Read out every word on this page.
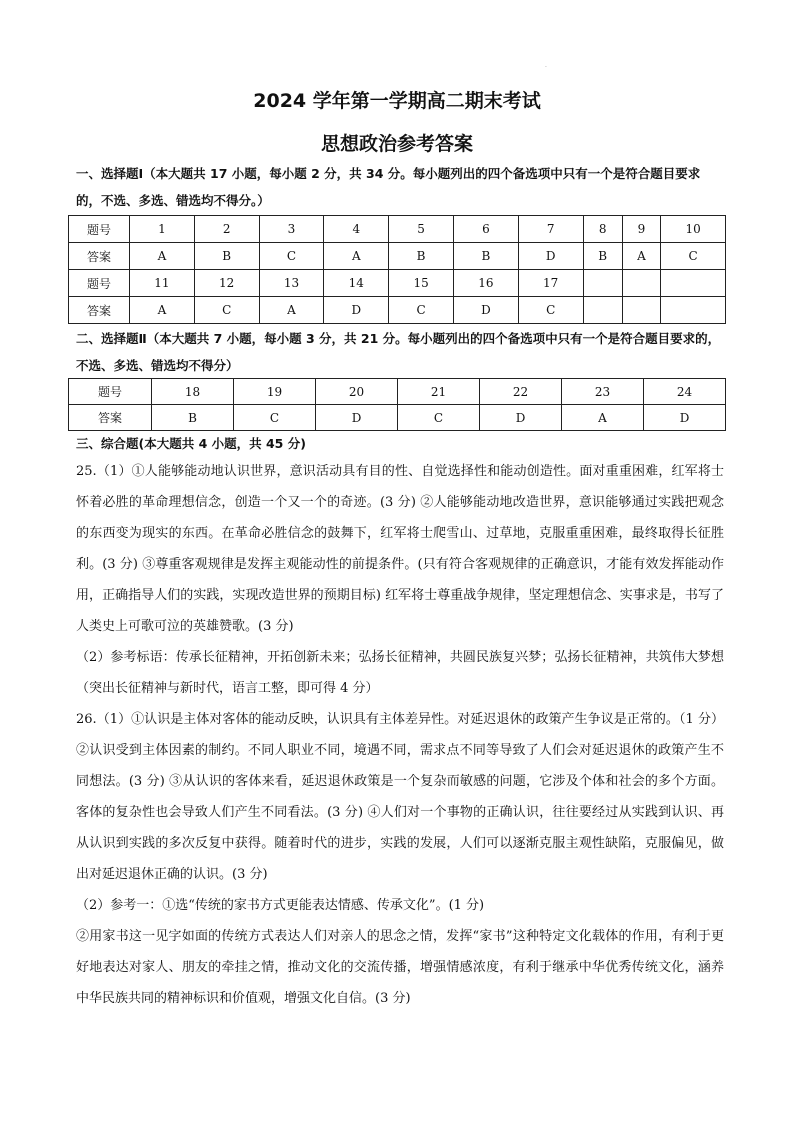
·
2024 学年第一学期高二期末考试
思想政治参考答案
一、选择题Ⅰ（本大题共 17 小题，每小题 2 分，共 34 分。每小题列出的四个备选项中只有一个是符合题目要求的，不选、多选、错选均不得分。）
题号	1	2	3	4	5	6	7	8	9	10
答案	A	B	C	A	B	B	D	B	A	C
题号	11	12	13	14	15	16	17			
答案	A	C	A	D	C	D	C			
二、选择题Ⅱ（本大题共 7 小题，每小题 3 分，共 21 分。每小题列出的四个备选项中只有一个是符合题目要求的，不选、多选、错选均不得分）
题号	18	19	20	21	22	23	24
答案	B	C	D	C	D	A	D
三、综合题(本大题共 4 小题，共 45 分)

25.（1）①人能够能动地认识世界，意识活动具有目的性、自觉选择性和能动创造性。面对重重困难，红军将士怀着必胜的革命理想信念，创造一个又一个的奇迹。(3 分) ②人能够能动地改造世界，意识能够通过实践把观念的东西变为现实的东西。在革命必胜信念的鼓舞下，红军将士爬雪山、过草地，克服重重困难，最终取得长征胜利。(3 分) ③尊重客观规律是发挥主观能动性的前提条件。(只有符合客观规律的正确意识，才能有效发挥能动作用，正确指导人们的实践，实现改造世界的预期目标) 红军将士尊重战争规律，坚定理想信念、实事求是，书写了人类史上可歌可泣的英雄赞歌。(3 分)

（2）参考标语：传承长征精神，开拓创新未来；弘扬长征精神，共圆民族复兴梦；弘扬长征精神，共筑伟大梦想（突出长征精神与新时代，语言工整，即可得 4 分）

26.（1）①认识是主体对客体的能动反映，认识具有主体差异性。对延迟退休的政策产生争议是正常的。（1 分）②认识受到主体因素的制约。不同人职业不同，境遇不同，需求点不同等导致了人们会对延迟退休的政策产生不同想法。(3 分) ③从认识的客体来看，延迟退休政策是一个复杂而敏感的问题，它涉及个体和社会的多个方面。客体的复杂性也会导致人们产生不同看法。(3 分) ④人们对一个事物的正确认识，往往要经过从实践到认识、再从认识到实践的多次反复中获得。随着时代的进步，实践的发展，人们可以逐渐克服主观性缺陷，克服偏见，做出对延迟退休正确的认识。(3 分)

（2）参考一：①选“传统的家书方式更能表达情感、传承文化”。(1 分)

②用家书这一见字如面的传统方式表达人们对亲人的思念之情，发挥“家书”这种特定文化载体的作用，有利于更好地表达对家人、朋友的牵挂之情，推动文化的交流传播，增强情感浓度，有利于继承中华优秀传统文化，涵养中华民族共同的精神标识和价值观，增强文化自信。(3 分)
